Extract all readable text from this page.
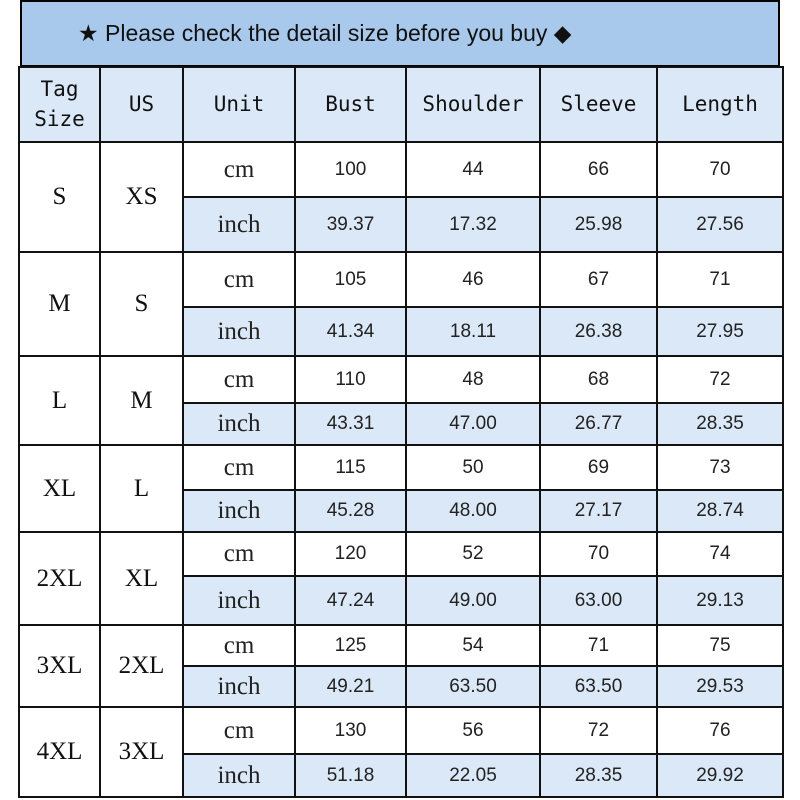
★ Please check the detail size before you buy ◆
Tag Size	US	Unit	Bust	Shoulder	Sleeve	Length
S	XS	cm	100	44	66	70
		inch	39.37	17.32	25.98	27.56
M	S	cm	105	46	67	71
		inch	41.34	18.11	26.38	27.95
L	M	cm	110	48	68	72
		inch	43.31	47.00	26.77	28.35
XL	L	cm	115	50	69	73
		inch	45.28	48.00	27.17	28.74
2XL	XL	cm	120	52	70	74
		inch	47.24	49.00	63.00	29.13
3XL	2XL	cm	125	54	71	75
		inch	49.21	63.50	63.50	29.53
4XL	3XL	cm	130	56	72	76
		inch	51.18	22.05	28.35	29.92
